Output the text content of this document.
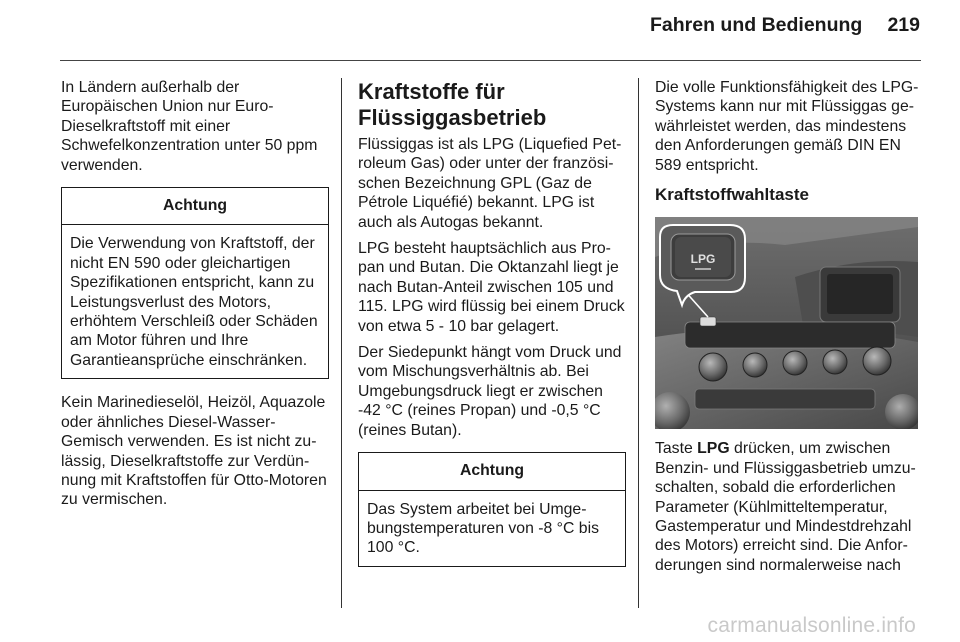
Fahren und Bedienung 219

In Ländern außerhalb der Europäischen Union nur Euro-Dieselkraftstoff mit einer Schwefelkonzentration unter 50 ppm verwenden.

Achtung
Die Verwendung von Kraftstoff, der nicht EN 590 oder gleichartigen Spezifikationen entspricht, kann zu Leistungsverlust des Motors, erhöhtem Verschleiß oder Schäden am Motor führen und Ihre Garantieansprüche einschränken.

Kein Marinedieselöl, Heizöl, Aquazole oder ähnliches Diesel-Wasser-Gemisch verwenden. Es ist nicht zulässig, Dieselkraftstoffe zur Verdünnung mit Kraftstoffen für Otto-Motoren zu vermischen.

Kraftstoffe für Flüssiggasbetrieb

Flüssiggas ist als LPG (Liquefied Petroleum Gas) oder unter der französischen Bezeichnung GPL (Gaz de Pétrole Liquéfié) bekannt. LPG ist auch als Autogas bekannt.

LPG besteht hauptsächlich aus Propan und Butan. Die Oktanzahl liegt je nach Butan-Anteil zwischen 105 und 115. LPG wird flüssig bei einem Druck von etwa 5 - 10 bar gelagert.

Der Siedepunkt hängt vom Druck und vom Mischungsverhältnis ab. Bei Umgebungsdruck liegt er zwischen -42 °C (reines Propan) und -0,5 °C (reines Butan).

Achtung
Das System arbeitet bei Umgebungstemperaturen von -8 °C bis 100 °C.

Die volle Funktionsfähigkeit des LPG-Systems kann nur mit Flüssiggas gewährleistet werden, das mindestens den Anforderungen gemäß DIN EN 589 entspricht.

Kraftstoffwahltaste
LPG

Taste LPG drücken, um zwischen Benzin- und Flüssiggasbetrieb umzuschalten, sobald die erforderlichen Parameter (Kühlmitteltemperatur, Gastemperatur und Mindestdrehzahl des Motors) erreicht sind. Die Anforderungen sind normalerweise nach

carmanualsonline.info
